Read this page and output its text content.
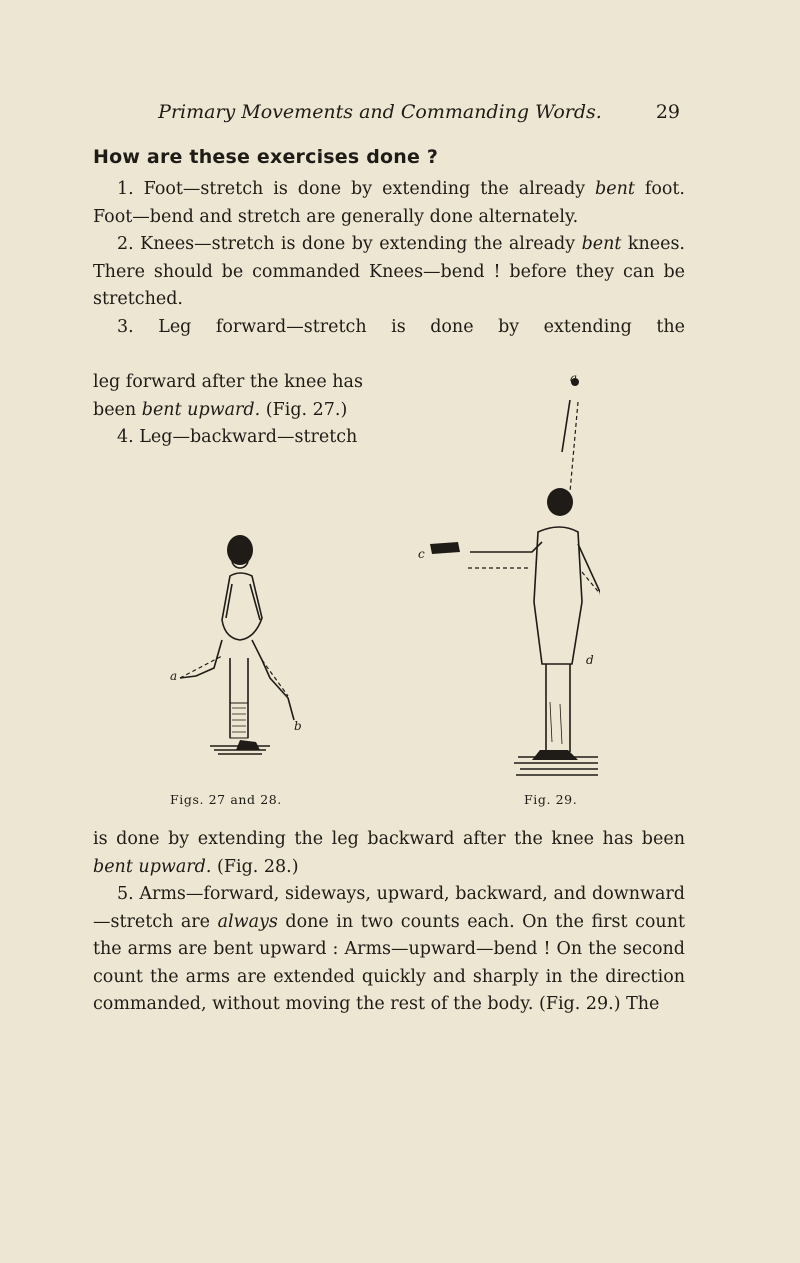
Primary Movements and Commanding Words.	29
How are these exercises done ?

1. Foot—stretch is done by extending the already bent foot. Foot—bend and stretch are generally done alternately.

2. Knees—stretch is done by extending the already bent knees. There should be commanded Knees—bend ! before they can be stretched.

3. Leg forward—stretch is done by extending the

leg forward after the knee has been bent upward. (Fig. 27.)

4. Leg—backward—stretch

a
b
a
c
d
Figs. 27 and 28.	Fig. 29.

is done by extending the leg backward after the knee has been bent upward. (Fig. 28.)

5. Arms—forward, sideways, upward, backward, and downward—stretch are always done in two counts each. On the first count the arms are bent upward : Arms—upward—bend ! On the second count the arms are extended quickly and sharply in the direction commanded, without moving the rest of the body. (Fig. 29.) The
